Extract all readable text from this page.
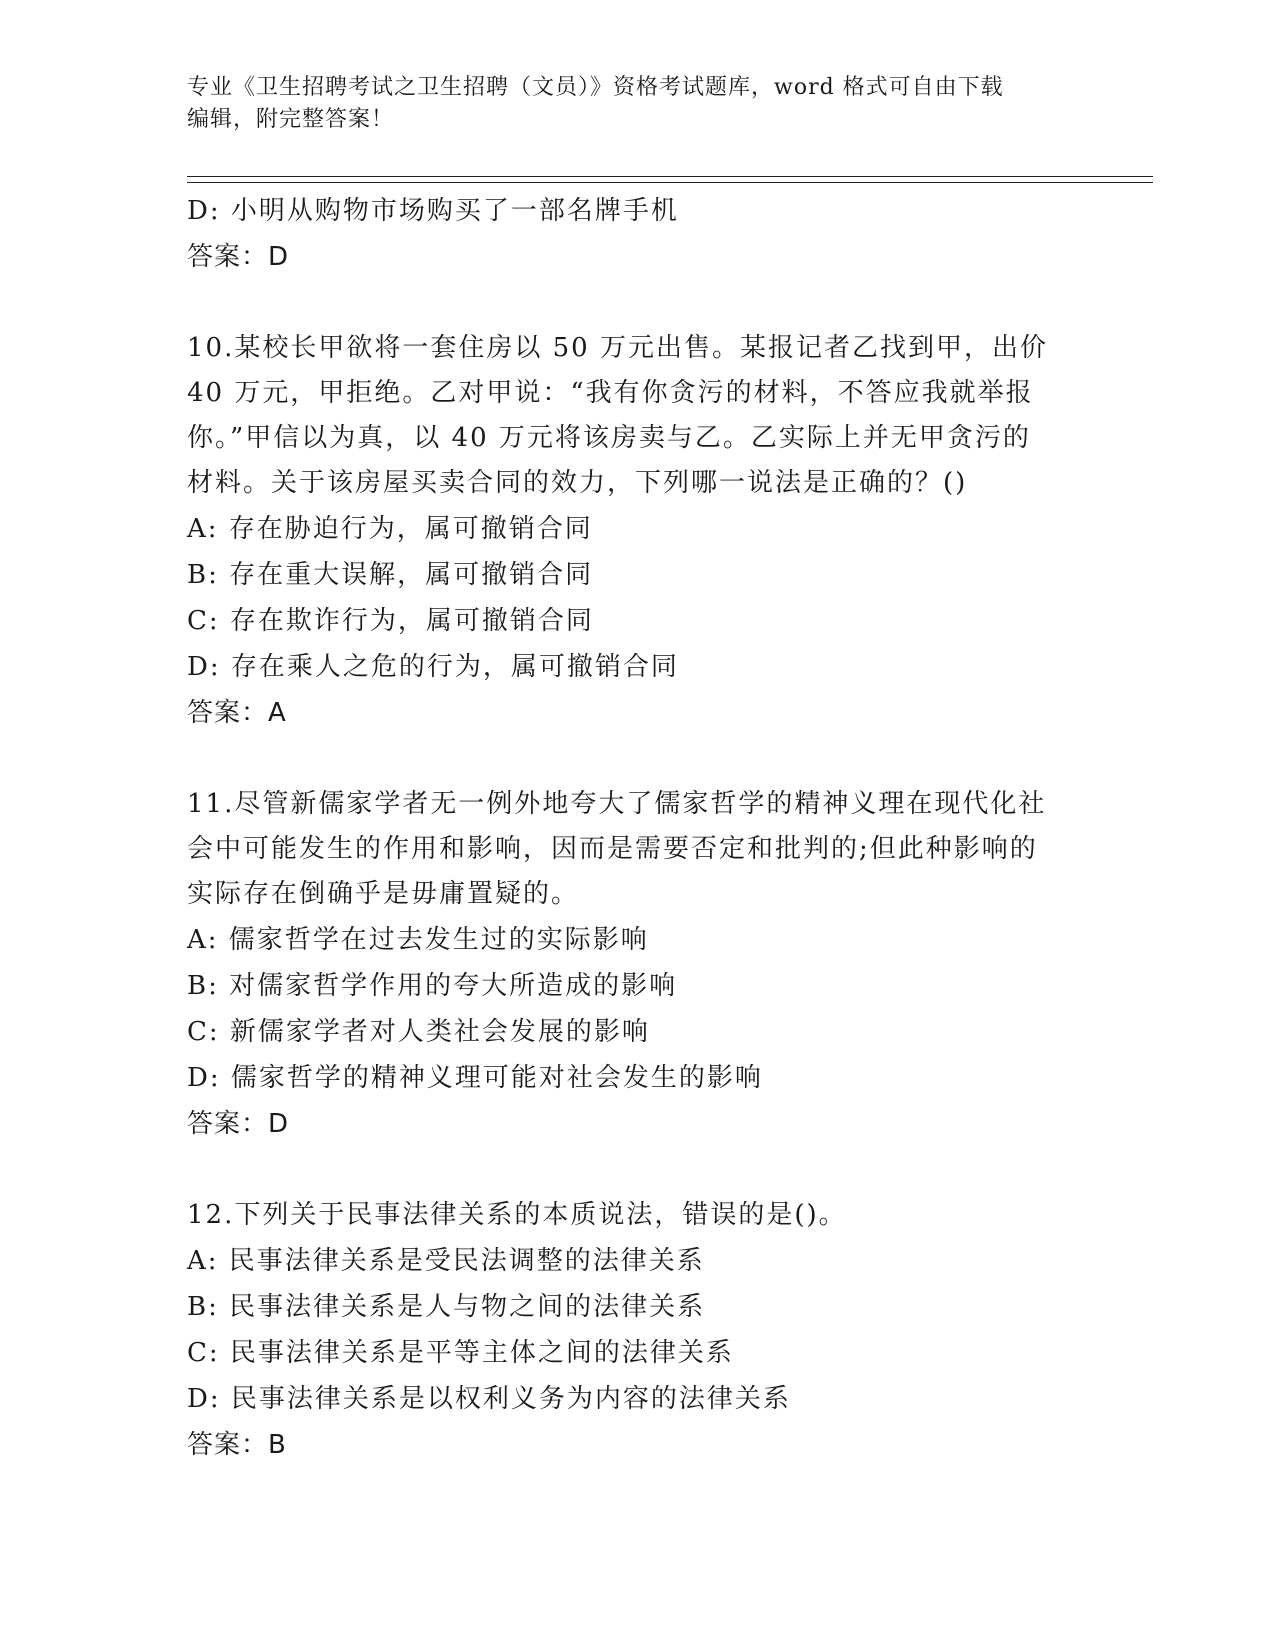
专业《卫生招聘考试之卫生招聘（文员）》资格考试题库，word 格式可自由下载
编辑，附完整答案！
D: 小明从购物市场购买了一部名牌手机
答案：D
10.某校长甲欲将一套住房以 50 万元出售。某报记者乙找到甲，出价
40 万元，甲拒绝。乙对甲说：“我有你贪污的材料，不答应我就举报
你。”甲信以为真，以 40 万元将该房卖与乙。乙实际上并无甲贪污的
材料。关于该房屋买卖合同的效力，下列哪一说法是正确的？()
A: 存在胁迫行为，属可撤销合同
B: 存在重大误解，属可撤销合同
C: 存在欺诈行为，属可撤销合同
D: 存在乘人之危的行为，属可撤销合同
答案：A
11.尽管新儒家学者无一例外地夸大了儒家哲学的精神义理在现代化社
会中可能发生的作用和影响，因而是需要否定和批判的;但此种影响的
实际存在倒确乎是毋庸置疑的。
A: 儒家哲学在过去发生过的实际影响
B: 对儒家哲学作用的夸大所造成的影响
C: 新儒家学者对人类社会发展的影响
D: 儒家哲学的精神义理可能对社会发生的影响
答案：D
12.下列关于民事法律关系的本质说法，错误的是()。
A: 民事法律关系是受民法调整的法律关系
B: 民事法律关系是人与物之间的法律关系
C: 民事法律关系是平等主体之间的法律关系
D: 民事法律关系是以权利义务为内容的法律关系
答案：B
